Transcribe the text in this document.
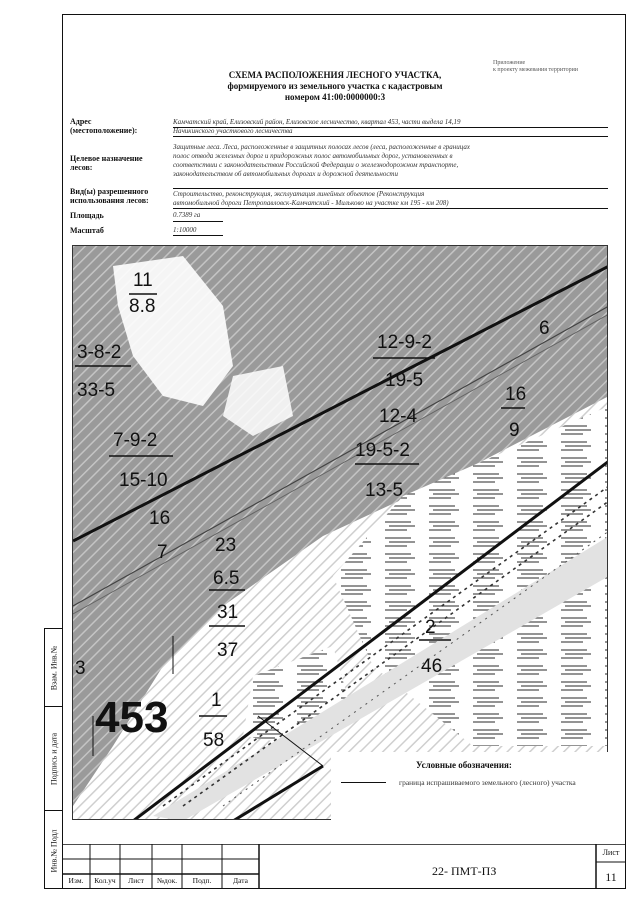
Взам. Инв.№
Подпись и дата
Инв.№ Подл
Приложение
к проекту межевания территории
СХЕМА РАСПОЛОЖЕНИЯ ЛЕСНОГО УЧАСТКА,
формируемого из земельного участка с кадастровым
номером 41:00:0000000:3
Адрес
(местоположение):
Камчатский край, Елизовский район, Елизовское лесничество, квартал 453, части выдела 14,19
Начикинского участкового лесничества
Целевое назначение
лесов:
Защитные леса. Леса, расположенные в защитных полосах лесов (леса, расположенные в границах
полос отвода железных дорог и придорожных полос автомобильных дорог, установленных в
соответствии с законодательством Российской Федерации о железнодорожном транспорте,
законодательством об автомобильных дорогах и дорожной деятельности
Вид(ы) разрешенного
использования лесов:
Строительство, реконструкция, эксплуатация линейных объектов (Реконструкция
автомобильной дороги Петропавловск-Камчатский - Мильково на участке км 195 - км 208)
Площадь	0.7389 га
Масштаб	1:10000
11
8.8
3-8-2
33-5
7-9-2
15-10
16
7 23
6.5
31
37
12-9-2
19-5
12-4
19-5-2
13-5
6
16
9
2
46
1
58
3
453
Условные обозначения:
граница испрашиваемого земельного (лесного) участка
Изм.	Кол.уч	Лист	№док.	Подп.	Дата
22- ПМТ-ПЗ
Лист
11
